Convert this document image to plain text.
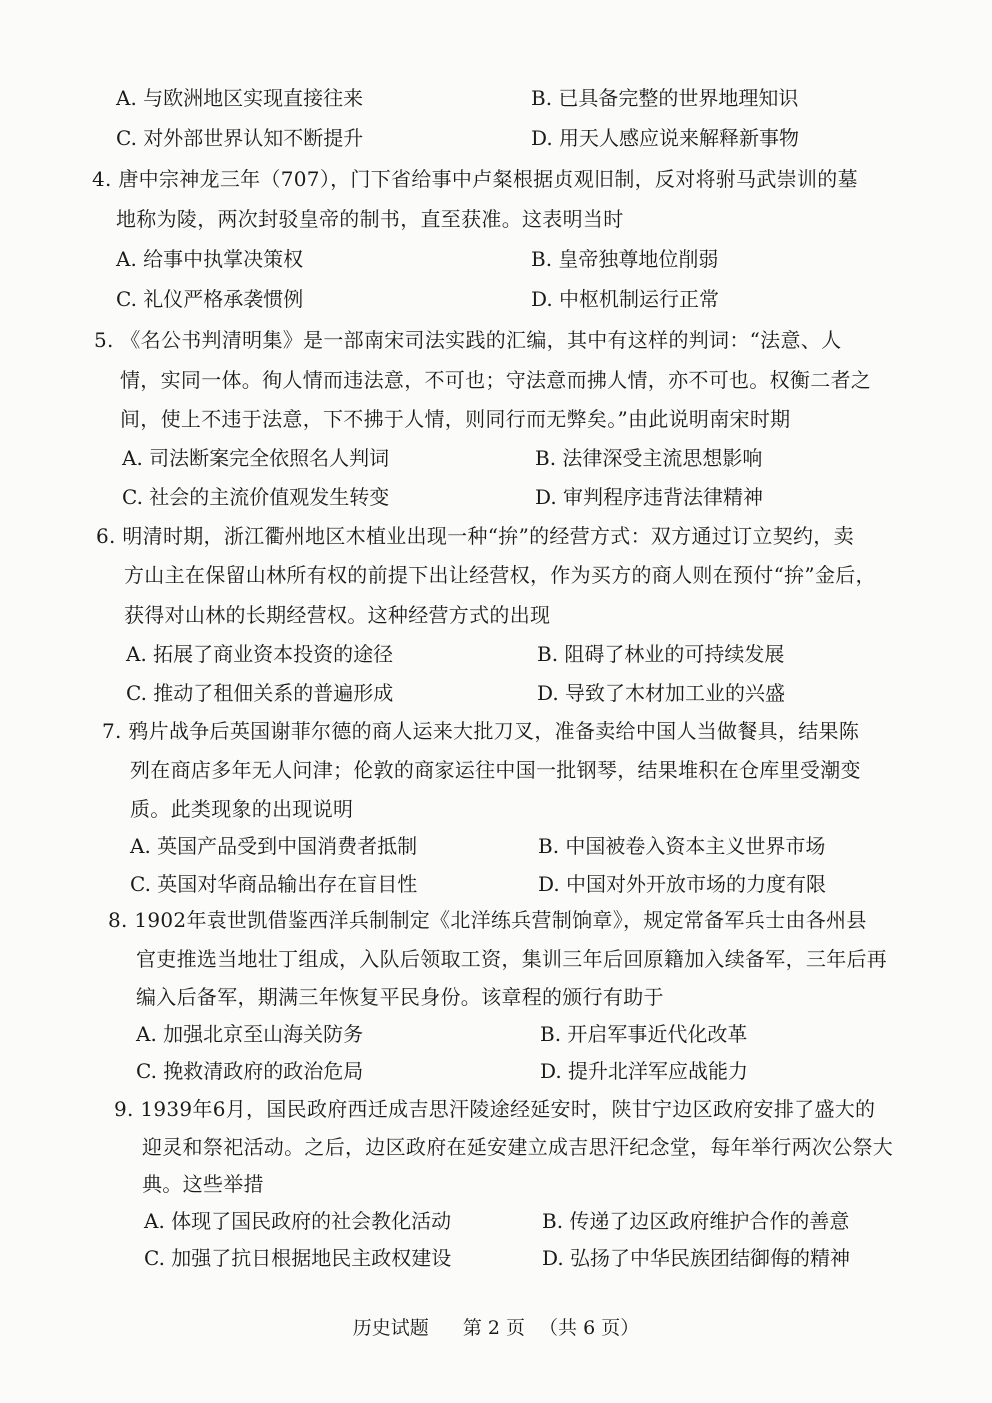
A. 与欧洲地区实现直接往来	B. 已具备完整的世界地理知识
C. 对外部世界认知不断提升	D. 用天人感应说来解释新事物
4. 唐中宗神龙三年（707），门下省给事中卢粲根据贞观旧制，反对将驸马武崇训的墓
地称为陵，两次封驳皇帝的制书，直至获准。这表明当时
A. 给事中执掌决策权	B. 皇帝独尊地位削弱
C. 礼仪严格承袭惯例	D. 中枢机制运行正常
5. 《名公书判清明集》是一部南宋司法实践的汇编，其中有这样的判词：“法意、人
情，实同一体。徇人情而违法意，不可也；守法意而拂人情，亦不可也。权衡二者之
间，使上不违于法意，下不拂于人情，则同行而无弊矣。”由此说明南宋时期
A. 司法断案完全依照名人判词	B. 法律深受主流思想影响
C. 社会的主流价值观发生转变	D. 审判程序违背法律精神
6. 明清时期，浙江衢州地区木植业出现一种“拚”的经营方式：双方通过订立契约，卖
方山主在保留山林所有权的前提下出让经营权，作为买方的商人则在预付“拚”金后，
获得对山林的长期经营权。这种经营方式的出现
A. 拓展了商业资本投资的途径	B. 阻碍了林业的可持续发展
C. 推动了租佃关系的普遍形成	D. 导致了木材加工业的兴盛
7. 鸦片战争后英国谢菲尔德的商人运来大批刀叉，准备卖给中国人当做餐具，结果陈
列在商店多年无人问津；伦敦的商家运往中国一批钢琴，结果堆积在仓库里受潮变
质。此类现象的出现说明
A. 英国产品受到中国消费者抵制	B. 中国被卷入资本主义世界市场
C. 英国对华商品输出存在盲目性	D. 中国对外开放市场的力度有限
8. 1902年袁世凯借鉴西洋兵制制定《北洋练兵营制饷章》，规定常备军兵士由各州县
官吏推选当地壮丁组成，入队后领取工资，集训三年后回原籍加入续备军，三年后再
编入后备军，期满三年恢复平民身份。该章程的颁行有助于
A. 加强北京至山海关防务	B. 开启军事近代化改革
C. 挽救清政府的政治危局	D. 提升北洋军应战能力
9. 1939年6月，国民政府西迁成吉思汗陵途经延安时，陕甘宁边区政府安排了盛大的
迎灵和祭祀活动。之后，边区政府在延安建立成吉思汗纪念堂，每年举行两次公祭大
典。这些举措
A. 体现了国民政府的社会教化活动	B. 传递了边区政府维护合作的善意
C. 加强了抗日根据地民主政权建设	D. 弘扬了中华民族团结御侮的精神
历史试题 第 2 页 （共 6 页）
